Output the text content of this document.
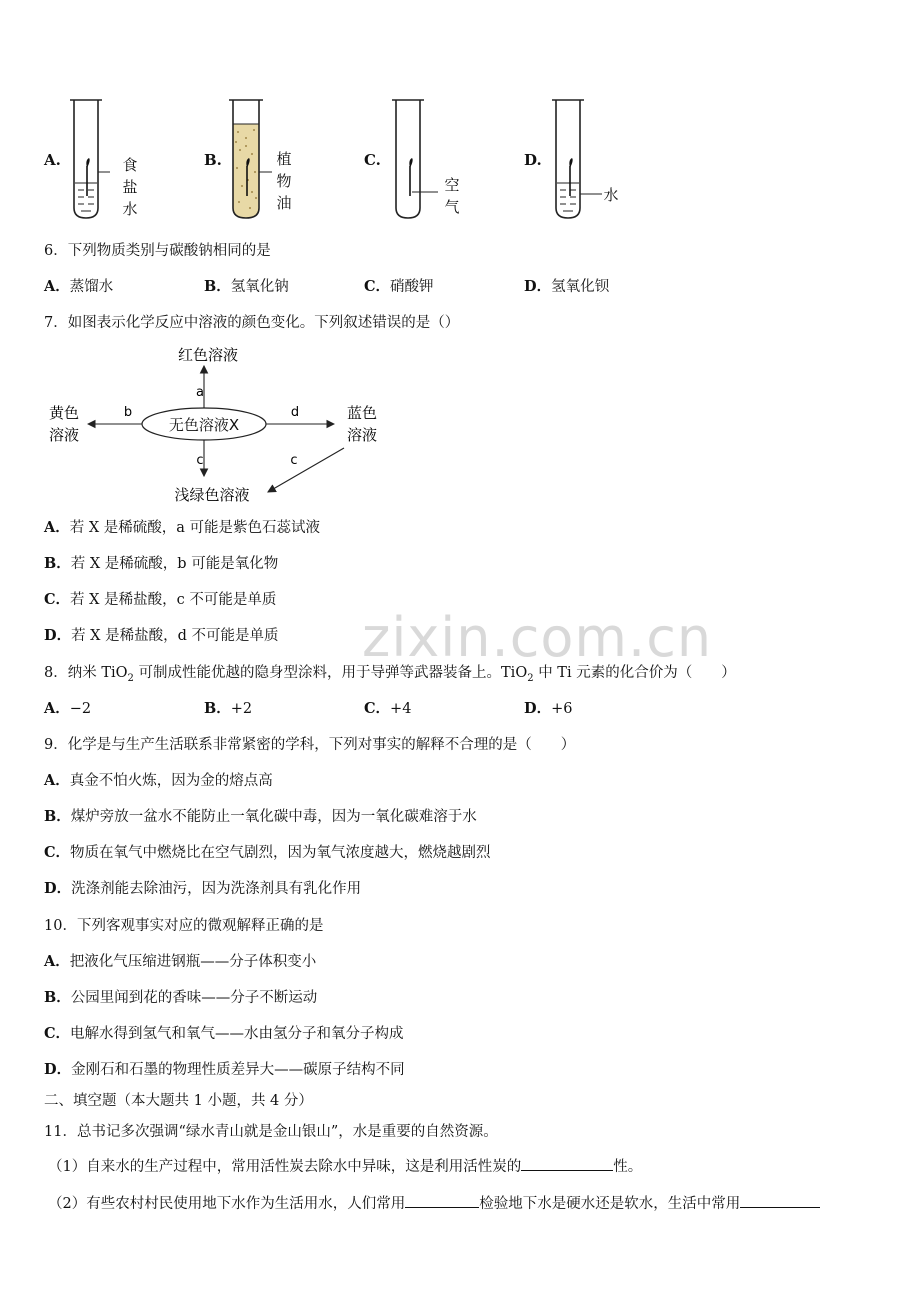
zixin.com.cn
A.	食
盐
水
B.	植
物
油
C.
空
气
D.
水
6．下列物质类别与碳酸钠相同的是
A．蒸馏水	B．氢氧化钠	C．硝酸钾	D．氢氧化钡
7．如图表示化学反应中溶液的颜色变化。下列叙述错误的是（）
无色溶液X
a
红色溶液
b
黄色
溶液
d	蓝色
溶液
c
浅绿色溶液
c
A．若 X 是稀硫酸，a 可能是紫色石蕊试液
B．若 X 是稀硫酸，b 可能是氧化物
C．若 X 是稀盐酸，c 不可能是单质
D．若 X 是稀盐酸，d 不可能是单质
8．纳米 TiO$_2$ 可制成性能优越的隐身型涂料，用于导弹等武器装备上。TiO$_2$ 中 Ti 元素的化合价为（　　）
A．−2	B．+2	C．+4	D．+6
9．化学是与生产生活联系非常紧密的学科，下列对事实的解释不合理的是（　　）
A．真金不怕火炼，因为金的熔点高
B．煤炉旁放一盆水不能防止一氧化碳中毒，因为一氧化碳难溶于水
C．物质在氧气中燃烧比在空气剧烈，因为氧气浓度越大，燃烧越剧烈
D．洗涤剂能去除油污，因为洗涤剂具有乳化作用
10．下列客观事实对应的微观解释正确的是
A．把液化气压缩进钢瓶——分子体积变小
B．公园里闻到花的香味——分子不断运动
C．电解水得到氢气和氧气——水由氢分子和氧分子构成
D．金刚石和石墨的物理性质差异大——碳原子结构不同
二、填空题（本大题共 1 小题，共 4 分）
11．总书记多次强调“绿水青山就是金山银山”，水是重要的自然资源。
（1）自来水的生产过程中，常用活性炭去除水中异味，这是利用活性炭的	性。
（2）有些农村村民使用地下水作为生活用水，人们常用	检验地下水是硬水还是软水，生活中常用
